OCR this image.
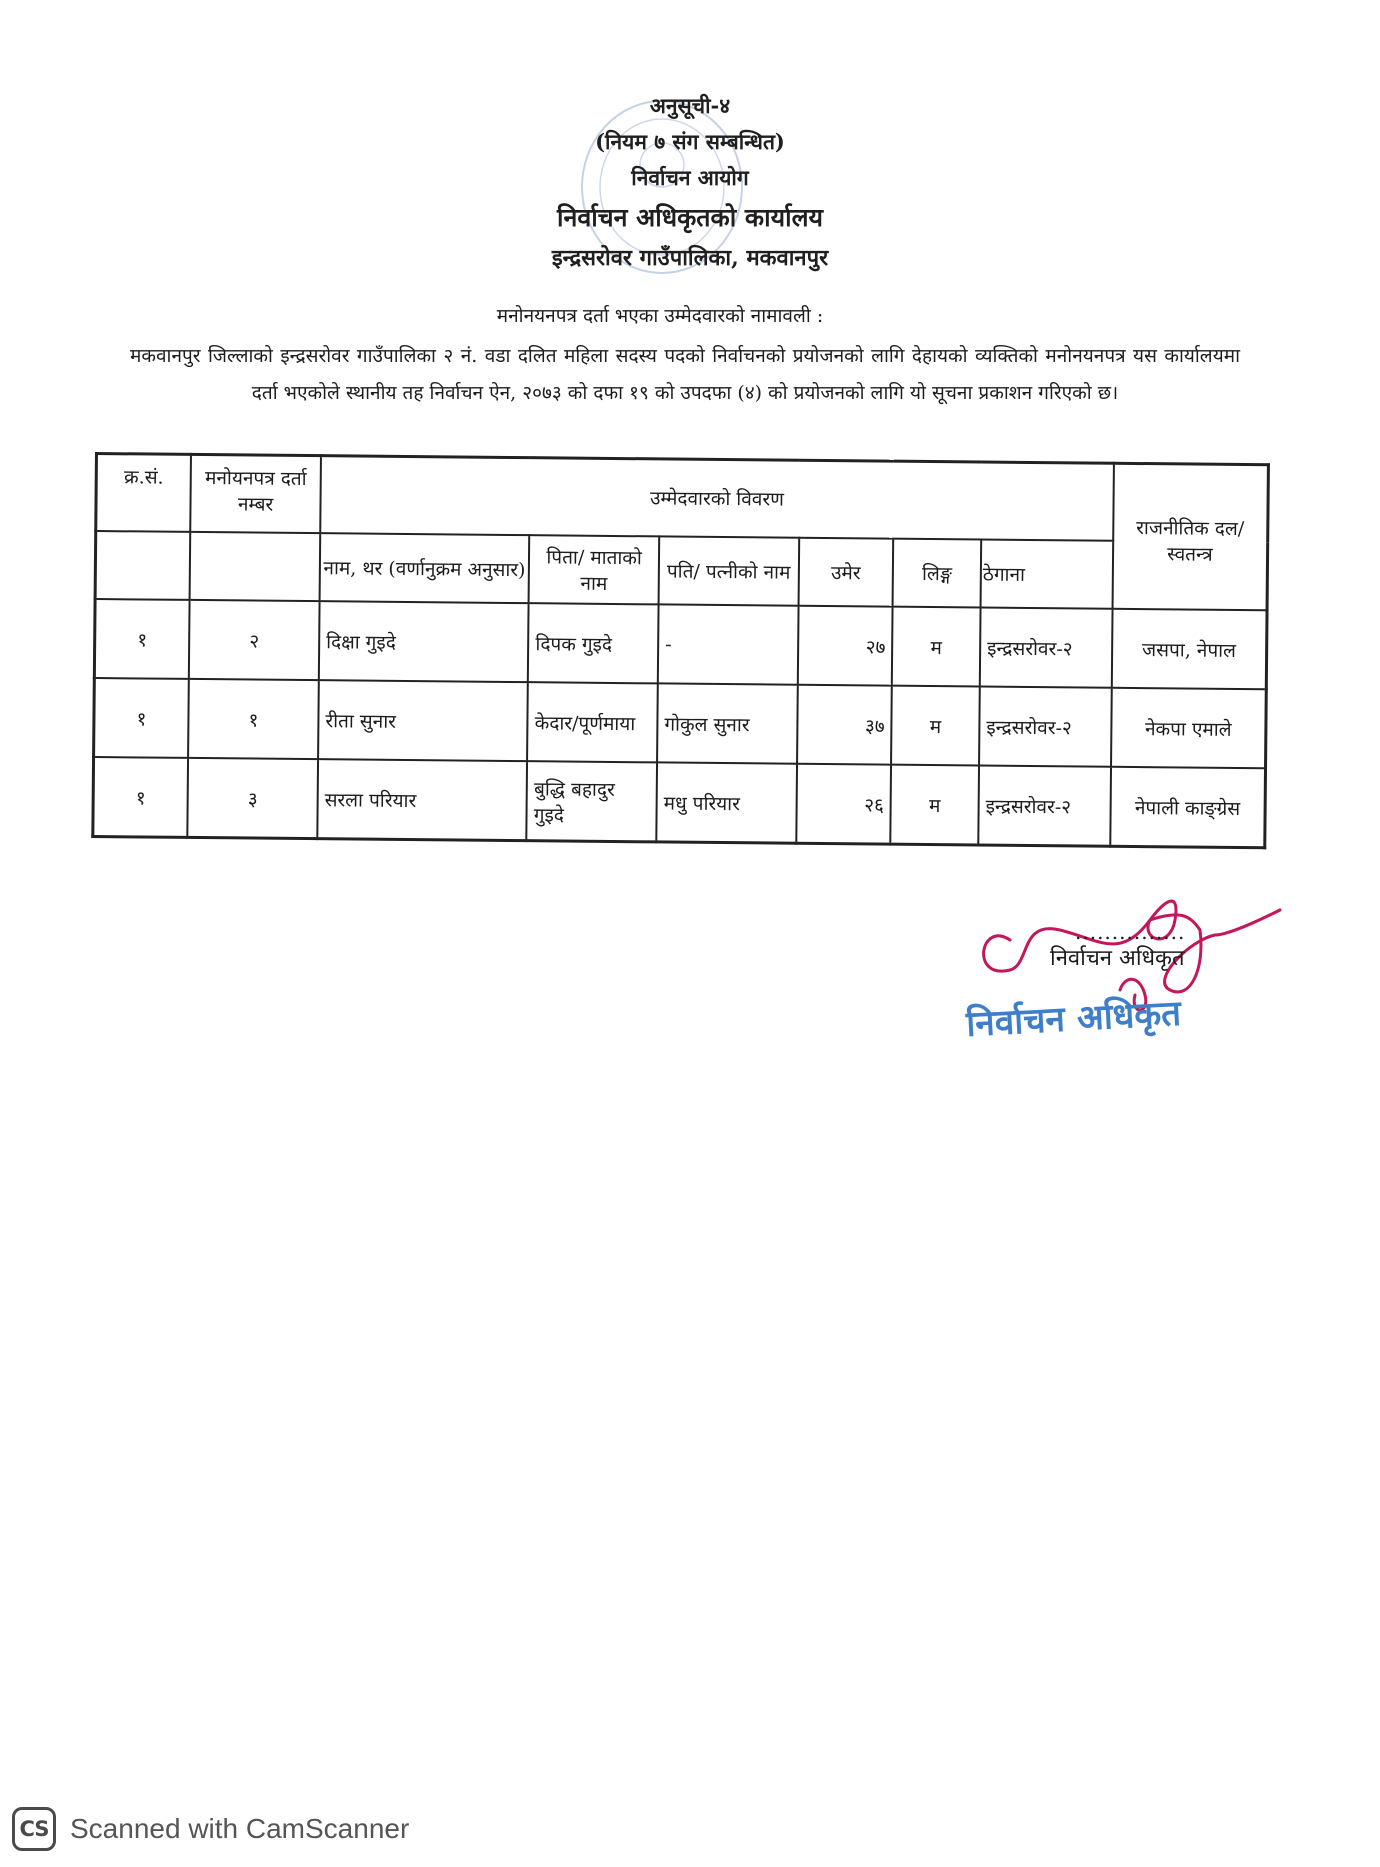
अनुसूची-४
(नियम ७ संग सम्बन्धित)
निर्वाचन आयोग
निर्वाचन अधिकृतको कार्यालय
इन्द्रसरोवर गाउँपालिका, मकवानपुर
मनोनयनपत्र दर्ता भएका उम्मेदवारको नामावली :
मकवानपुर जिल्लाको इन्द्रसरोवर गाउँपालिका २ नं. वडा दलित महिला सदस्य पदको निर्वाचनको प्रयोजनको लागि देहायको व्यक्तिको मनोनयनपत्र यस कार्यालयमा दर्ता भएकोले स्थानीय तह निर्वाचन ऐन, २०७३ को दफा १९ को उपदफा (४) को प्रयोजनको लागि यो सूचना प्रकाशन गरिएको छ।
क्र.सं.	मनोयनपत्र दर्ता नम्बर	उम्मेदवारको विवरण						राजनीतिक दल/स्वतन्त्र
		नाम, थर (वर्णानुक्रम अनुसार)	पिता/ माताको नाम	पति/ पत्नीको नाम	उमेर	लिङ्ग	ठेगाना	
१	२	दिक्षा गुइदे	दिपक गुइदे	-	२७	म	इन्द्रसरोवर-२	जसपा, नेपाल
१	१	रीता सुनार	केदार/पूर्णमाया	गोकुल सुनार	३७	म	इन्द्रसरोवर-२	नेकपा एमाले
१	३	सरला परियार	बुद्धि बहादुर गुइदे	मधु परियार	२६	म	इन्द्रसरोवर-२	नेपाली काङ्ग्रेस
...............
निर्वाचन अधिकृत
निर्वाचन अधिकृत
CS Scanned with CamScanner
